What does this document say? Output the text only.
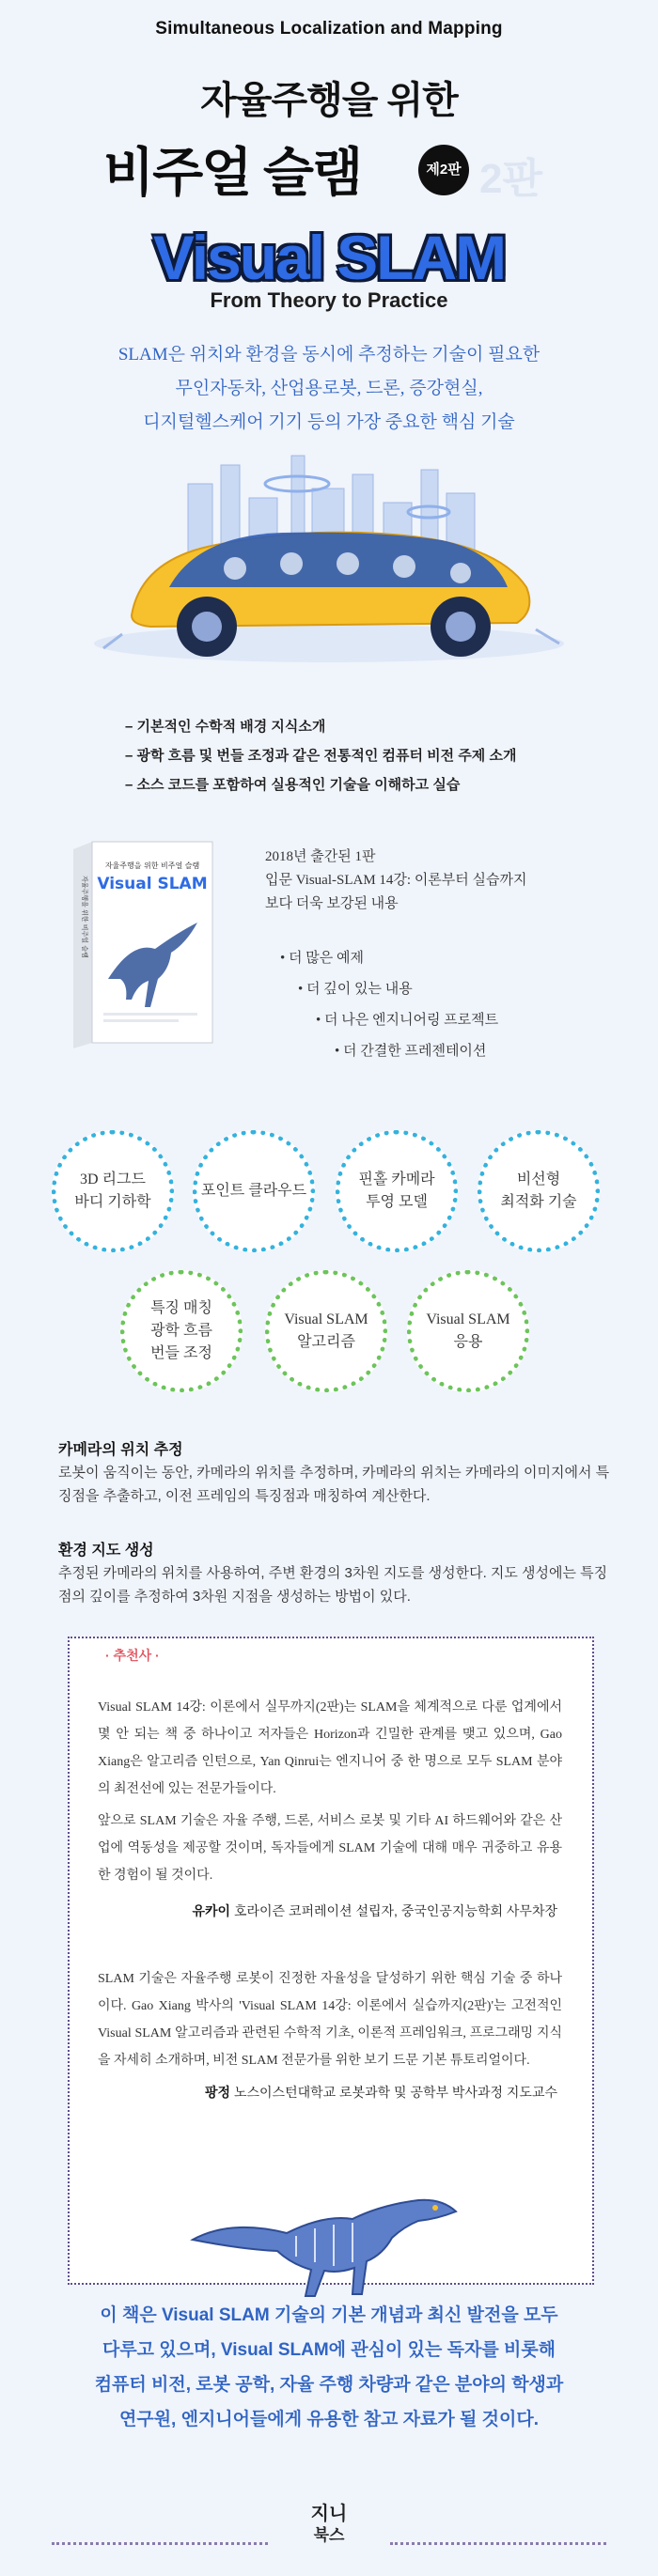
Simultaneous Localization and Mapping
자율주행을 위한
비주얼 슬램	제2판 2판
Visual SLAM
From Theory to Practice
SLAM은 위치와 환경을 동시에 추정하는 기술이 필요한
무인자동차, 산업용로봇, 드론, 증강현실,
디지털헬스케어 기기 등의 가장 중요한 핵심 기술
– 기본적인 수학적 배경 지식소개
– 광학 흐름 및 번들 조정과 같은 전통적인 컴퓨터 비전 주제 소개
– 소스 코드를 포함하여 실용적인 기술을 이해하고 실습
자율주행을 위한 비주얼 슬램
Visual SLAM
자율주행을 위한 비주얼 슬램
2018년 출간된 1판
입문 Visual-SLAM 14강: 이론부터 실습까지
보다 더욱 보강된 내용
• 더 많은 예제
• 더 깊이 있는 내용
• 더 나은 엔지니어링 프로젝트
• 더 간결한 프레젠테이션
3D 리그드
바디 기하학
포인트 클라우드
핀홀 카메라
투영 모델
비선형
최적화 기술
특징 매칭
광학 흐름
번들 조정
Visual SLAM
알고리즘
Visual SLAM
응용
카메라의 위치 추정
로봇이 움직이는 동안, 카메라의 위치를 추정하며, 카메라의 위치는 카메라의 이미지에서 특징점을 추출하고, 이전 프레임의 특징점과 매칭하여 계산한다.
환경 지도 생성
추정된 카메라의 위치를 사용하여, 주변 환경의 3차원 지도를 생성한다. 지도 생성에는 특징점의 깊이를 추정하여 3차원 지점을 생성하는 방법이 있다.
· 추천사 ·
Visual SLAM 14강: 이론에서 실무까지(2판)는 SLAM을 체계적으로 다룬 업계에서 몇 안 되는 책 중 하나이고 저자들은 Horizon과 긴밀한 관계를 맺고 있으며, Gao Xiang은 알고리즘 인턴으로, Yan Qinrui는 엔지니어 중 한 명으로 모두 SLAM 분야의 최전선에 있는 전문가들이다.
앞으로 SLAM 기술은 자율 주행, 드론, 서비스 로봇 및 기타 AI 하드웨어와 같은 산업에 역동성을 제공할 것이며, 독자들에게 SLAM 기술에 대해 매우 귀중하고 유용한 경험이 될 것이다.
유카이 호라이즌 코퍼레이션 설립자, 중국인공지능학회 사무차장
SLAM 기술은 자율주행 로봇이 진정한 자율성을 달성하기 위한 핵심 기술 중 하나이다. Gao Xiang 박사의 'Visual SLAM 14강: 이론에서 실습까지(2판)'는 고전적인 Visual SLAM 알고리즘과 관련된 수학적 기초, 이론적 프레임워크, 프로그래밍 지식을 자세히 소개하며, 비전 SLAM 전문가를 위한 보기 드문 기본 튜토리얼이다.
팡정 노스이스턴대학교 로봇과학 및 공학부 박사과정 지도교수
이 책은 Visual SLAM 기술의 기본 개념과 최신 발전을 모두
다루고 있으며, Visual SLAM에 관심이 있는 독자를 비롯해
컴퓨터 비전, 로봇 공학, 자율 주행 차량과 같은 분야의 학생과
연구원, 엔지니어들에게 유용한 참고 자료가 될 것이다.
지니
북스
